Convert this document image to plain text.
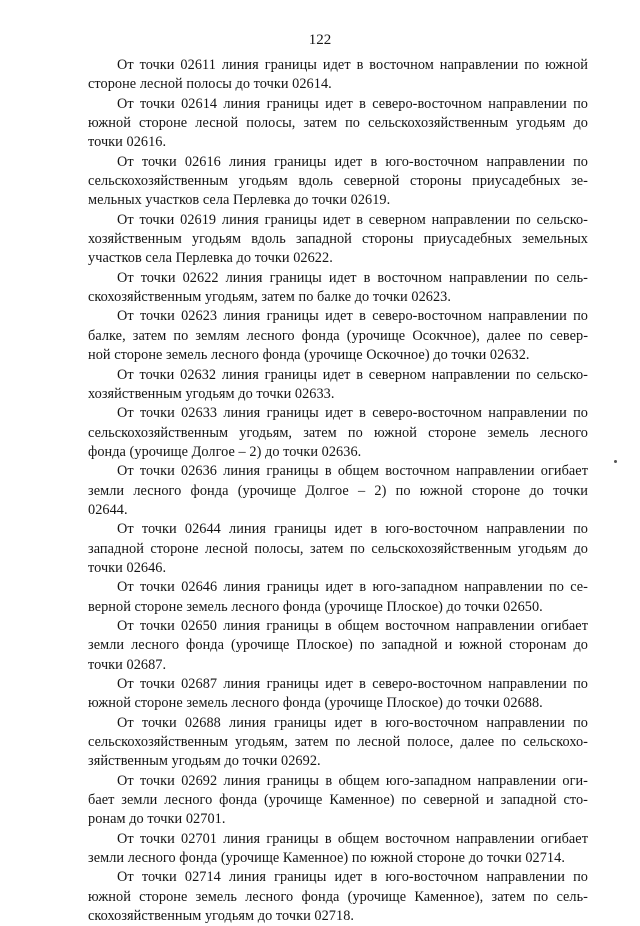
122

От точки 02611 линия границы идет в восточном направлении по южной
стороне лесной полосы до точки 02614.

От точки 02614 линия границы идет в северо-восточном направлении по
южной стороне лесной полосы, затем по сельскохозяйственным угодьям до
точки 02616.

От точки 02616 линия границы идет в юго-восточном направлении по
сельскохозяйственным угодьям вдоль северной стороны приусадебных зе-
мельных участков села Перлевка до точки 02619.

От точки 02619 линия границы идет в северном направлении по сельско-
хозяйственным угодьям вдоль западной стороны приусадебных земельных
участков села Перлевка до точки 02622.

От точки 02622 линия границы идет в восточном направлении по сель-
скохозяйственным угодьям, затем по балке до точки 02623.

От точки 02623 линия границы идет в северо-восточном направлении по
балке, затем по землям лесного фонда (урочище Осокчное), далее по север-
ной стороне земель лесного фонда (урочище Оскочное) до точки 02632.

От точки 02632 линия границы идет в северном направлении по сельско-
хозяйственным угодьям до точки 02633.

От точки 02633 линия границы идет в северо-восточном направлении по
сельскохозяйственным угодьям, затем по южной стороне земель лесного
фонда (урочище Долгое – 2) до точки 02636.

От точки 02636 линия границы в общем восточном направлении огибает
земли лесного фонда (урочище Долгое – 2) по южной стороне до точки
02644.

От точки 02644 линия границы идет в юго-восточном направлении по
западной стороне лесной полосы, затем по сельскохозяйственным угодьям до
точки 02646.

От точки 02646 линия границы идет в юго-западном направлении по се-
верной стороне земель лесного фонда (урочище Плоское) до точки 02650.

От точки 02650 линия границы в общем восточном направлении огибает
земли лесного фонда (урочище Плоское) по западной и южной сторонам до
точки 02687.

От точки 02687 линия границы идет в северо-восточном направлении по
южной стороне земель лесного фонда (урочище Плоское) до точки 02688.

От точки 02688 линия границы идет в юго-восточном направлении по
сельскохозяйственным угодьям, затем по лесной полосе, далее по сельскохо-
зяйственным угодьям до точки 02692.

От точки 02692 линия границы в общем юго-западном направлении оги-
бает земли лесного фонда (урочище Каменное) по северной и западной сто-
ронам до точки 02701.

От точки 02701 линия границы в общем восточном направлении огибает
земли лесного фонда (урочище Каменное) по южной стороне до точки 02714.

От точки 02714 линия границы идет в юго-восточном направлении по
южной стороне земель лесного фонда (урочище Каменное), затем по сель-
скохозяйственным угодьям до точки 02718.
